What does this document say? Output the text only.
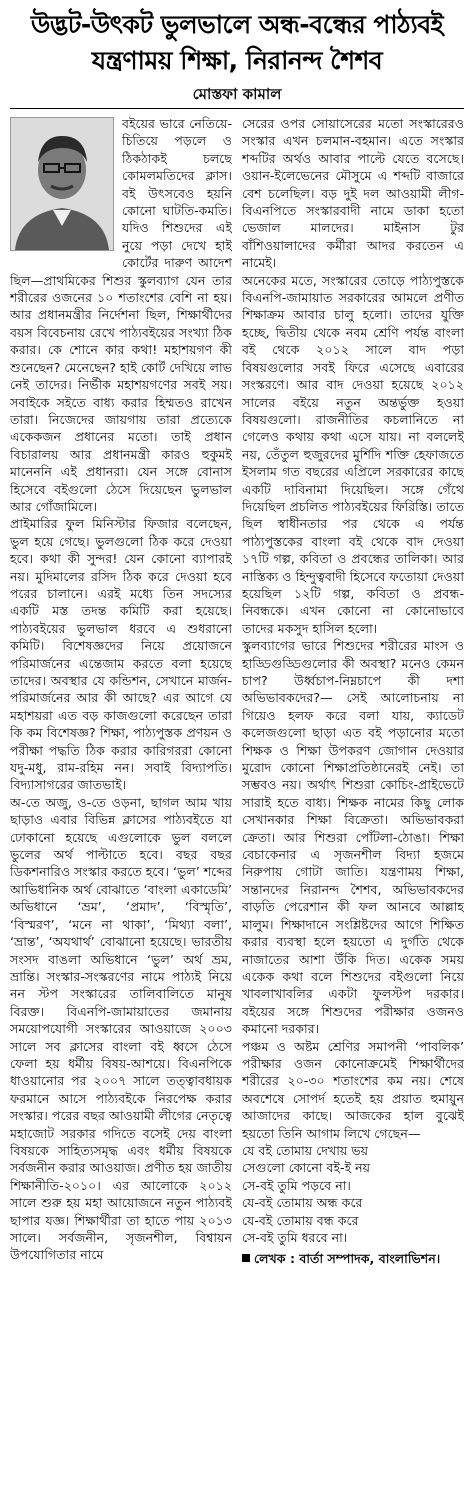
উদ্ভট-উৎকট ভুলভালে অন্ধ-বন্ধের পাঠ্যবই
যন্ত্রণাময় শিক্ষা, নিরানন্দ শৈশব
মোস্তফা কামাল

বইয়ের ভারে নেতিয়ে-চিতিয়ে পড়লে ও ঠিকঠাকই চলছে কোমলমতিদের ক্লাস। বই উৎসবেও হয়নি কোনো ঘাটতি-কমতি। যদিও শিশুদের এই নুয়ে পড়া দেখে হাই কোর্টের দারুণ আদেশ ছিল—প্রাথমিকের শিশুর স্কুলব্যাগ যেন তার শরীরের ওজনের ১০ শতাংশের বেশি না হয়। আর প্রধানমন্ত্রীর নির্দেশনা ছিল, শিক্ষার্থীদের বয়স বিবেচনায় রেখে পাঠ্যবইয়ের সংখ্যা ঠিক করার। কে শোনে কার কথা! মহাশয়গণ কী শুনেছেন? মেনেছেন? হাই কোর্ট দেখিয়ে লাভ নেই তাদের। নির্ভীক মহাশয়গণের সবই সয়। সবাইকে সইতে বাধ্য করার হিম্মতও রাখেন তারা। নিজেদের জায়গায় তারা প্রত্যেকে একেকজন প্রধানের মতো। তাই প্রধান বিচারালয় আর প্রধানমন্ত্রী কারও হুকুমই মানেননি এই প্রধানরা। যেন সঙ্গে বোনাস হিসেবে বইগুলো ঠেসে দিয়েছেন ভুলভাল আর গোঁজামিলে।

প্রাইমারির ফুল মিনিস্টার ফিজার বলেছেন, ভুল হয়ে গেছে। ভুলগুলো ঠিক করে দেওয়া হবে। কথা কী সুন্দর! যেন কোনো ব্যাপারই নয়। মুদিমালের রসিদ ঠিক করে দেওয়া হবে পরের চালানে। এরই মধ্যে তিন সদস্যের একটি মস্ত তদন্ত কমিটি করা হয়েছে। পাঠ্যবইয়ের ভুলভাল ধরবে এ শুধরানো কমিটি। বিশেষজ্ঞদের নিয়ে প্রয়োজনে পরিমার্জনের এন্তেজাম করতে বলা হয়েছে তাদের। অবস্থার যে কন্ডিশন, সেখানে মার্জন-পরিমার্জনের আর কী আছে? এর আগে যে মহাশয়রা এত বড় কাজগুলো করেছেন তারা কি কম বিশেষজ্ঞ? শিক্ষা, পাঠ্যপুস্তক প্রণয়ন ও পরীক্ষা পদ্ধতি ঠিক করার কারিগররা কোনো যদু-মধু, রাম-রহিম নন। সবাই বিদ্যাপতি। বিদ্যাসাগরের জাতভাই।

অ-তে অজু, ও-তে ওড়না, ছাগল আম খায় ছাড়াও এবার বিভিন্ন ক্লাসের পাঠ্যবইতে যা ঢোকানো হয়েছে এগুলোকে ভুল বললে ভুলের অর্থ পাল্টাতে হবে। বছর বছর ডিকশনারিও সংস্কার করতে হবে। ‘ভুল’ শব্দের আভিধানিক অর্থ বোঝাতে ‘বাংলা একাডেমি’ অভিধানে ‘ভ্রম’, ‘প্রমাদ’, ‘বিস্মৃতি’, ‘বিস্মরণ’, ‘মনে না থাকা’, ‘মিথ্যা বলা’, ‘ভ্রান্ত’, ‘অযথার্থ’ বোঝানো হয়েছে। ভারতীয় সংসদ বাঙলা অভিধানে ‘ভুল’ অর্থ ভ্রম, ভ্রান্তি। সংস্কার-সংস্করণের নামে পাঠ্যই নিয়ে নন স্টপ সংস্কারের তালিবালিতে মানুষ বিরক্ত। বিএনপি-জামায়াতের জমানায় সময়োপযোগী সংস্কারের আওয়াজে ২০০৩ সালে সব ক্লাসের বাংলা বই ধ্বসে ঠেসে ফেলা হয় ধর্মীয় বিষয়-আশয়ে। বিএনপিকে ধাওয়ানোর পর ২০০৭ সালে তত্ত্বাবধায়ক ফরমানে আসে পাঠ্যবইকে নিরপেক্ষ করার সংস্কার। পরের বছর আওয়ামী লীগের নেতৃত্বে মহাজোট সরকার গদিতে বসেই দেয় বাংলা বিষয়কে সাহিত্যসমৃদ্ধ এবং ধর্মীয় বিষয়কে সর্বজনীন করার আওয়াজ। প্রণীত হয় জাতীয় শিক্ষানীতি-২০১০। এর আলোকে ২০১২ সালে শুরু হয় মহা আয়োজনে নতুন পাঠ্যবই ছাপার যজ্ঞ। শিক্ষার্থীরা তা হাতে পায় ২০১৩ সালে। সর্বজনীন, সৃজনশীল, বিশ্বায়ন উপযোগিতার নামে

সেরের ওপর সোয়াসেরের মতো সংস্কারেরও সংস্কার এখন চলমান-বহমান। এতে সংস্কার শব্দটির অর্থও আবার পাল্টে যেতে বসেছে। ওয়ান-ইলেভেনের মৌসুমে এ শব্দটি বাজারে বেশ চলেছিল। বড় দুই দল আওয়ামী লীগ-বিএনপিতে সংস্কারবাদী নামে ডাকা হতো ভেজাল মালদের। মাইনাস টুর বাঁশিওয়ালাদের কর্মীরা আদর করতেন এ নামেই।

অনেকের মতে, সংস্কারের তোড়ে পাঠ্যপুস্তকে বিএনপি-জামায়াত সরকারের আমলে প্রণীত শিক্ষাক্রম আবার চালু হলো। তাদের যুক্তি হচ্ছে, দ্বিতীয় থেকে নবম শ্রেণি পর্যন্ত বাংলা বই থেকে ২০১২ সালে বাদ পড়া বিষয়গুলোর সবই ফিরে এসেছে এবারের সংস্করণে। আর বাদ দেওয়া হয়েছে ২০১২ সালের বইয়ে নতুন অন্তর্ভুক্ত হওয়া বিষয়গুলো। রাজনীতির কচলানিতে না গেলেও কথায় কথা এসে যায়। না বললেই নয়, তেঁতুল হুজুরদের মুর্শিদি শক্তি হেফাজতে ইসলাম গত বছরের এপ্রিলে সরকারের কাছে একটি দাবিনামা দিয়েছিল। সঙ্গে গেঁথে দিয়েছিল প্রচলিত পাঠ্যবইয়ের ফিরিস্তি। তাতে ছিল স্বাধীনতার পর থেকে এ পর্যন্ত পাঠ্যপুস্তকের বাংলা বই থেকে বাদ দেওয়া ১৭টি গল্প, কবিতা ও প্রবন্ধের তালিকা। আর নাস্তিক্য ও হিন্দুত্ববাদী হিসেবে ফতোয়া দেওয়া হয়েছিল ১২টি গল্প, কবিতা ও প্রবন্ধ-নিবন্ধকে। এখন কোনো না কোনোভাবে তাদের মকসুদ হাসিল হলো।

স্কুলব্যাগের ভারে শিশুদের শরীরের মাংস ও হাড্ডিগুড্ডিগুলোর কী অবস্থা? মনেও কেমন চাপ? উর্ধ্বচাপ-নিম্নচাপে কী দশা অভিভাবকদের?— সেই আলোচনায় না গিয়েও হলফ করে বলা যায়, ক্যাডেট কলেজগুলো ছাড়া এত বই পড়ানোর মতো শিক্ষক ও শিক্ষা উপকরণ জোগান দেওয়ার মুরোদ কোনো শিক্ষাপ্রতিষ্ঠানেরই নেই। তা সম্ভবও নয়। অর্থাৎ শিশুরা কোচিং-প্রাইভেটে সারাই হতে বাধ্য। শিক্ষক নামের কিছু লোক সেখানকার শিক্ষা বিক্রেতা। অভিভাবকরা ক্রেতা। আর শিশুরা পোঁটলা-ঠোঙা। শিক্ষা বেচাকেনার এ সৃজনশীল বিদ্যা হজমে নিরুপায় গোটা জাতি। যন্ত্রণাময় শিক্ষা, সন্তানদের নিরানন্দ শৈশব, অভিভাবকদের বাড়তি পেরেশান কী ফল আনবে আল্লাহ মালুম। শিক্ষাদানে সংশ্লিষ্টদের আগে শিক্ষিত করার ব্যবস্থা হলে হয়তো এ দুর্গতি থেকে নাজাতের আশা উঁকি দিত। একেক সময় একেক কথা বলে শিশুদের বইগুলো নিয়ে খাবলাখাবলির একটা ফুলস্টপ দরকার। বইয়ের সঙ্গে শিশুদের পরীক্ষার ওজনও কমানো দরকার।

পঞ্চম ও অষ্টম শ্রেণির সমাপনী ‘পাবলিক’ পরীক্ষার ওজন কোনোক্রমেই শিক্ষার্থীদের শরীরের ২০-৩০ শতাংশের কম নয়। শেষে অবশেষে সোপর্দ হতেই হয় প্রয়াত হুমায়ুন আজাদের কাছে। আজকের হাল বুঝেই হয়তো তিনি আগাম লিখে গেছেন—

যে বই তোমায় দেখায় ভয়
সেগুলো কোনো বই-ই নয়
সে-বই তুমি পড়বে না।
যে-বই তোমায় অন্ধ করে
যে-বই তোমায় বন্ধ করে
সে-বই তুমি ধরবে না।
লেখক : বার্তা সম্পাদক, বাংলাভিশন।
